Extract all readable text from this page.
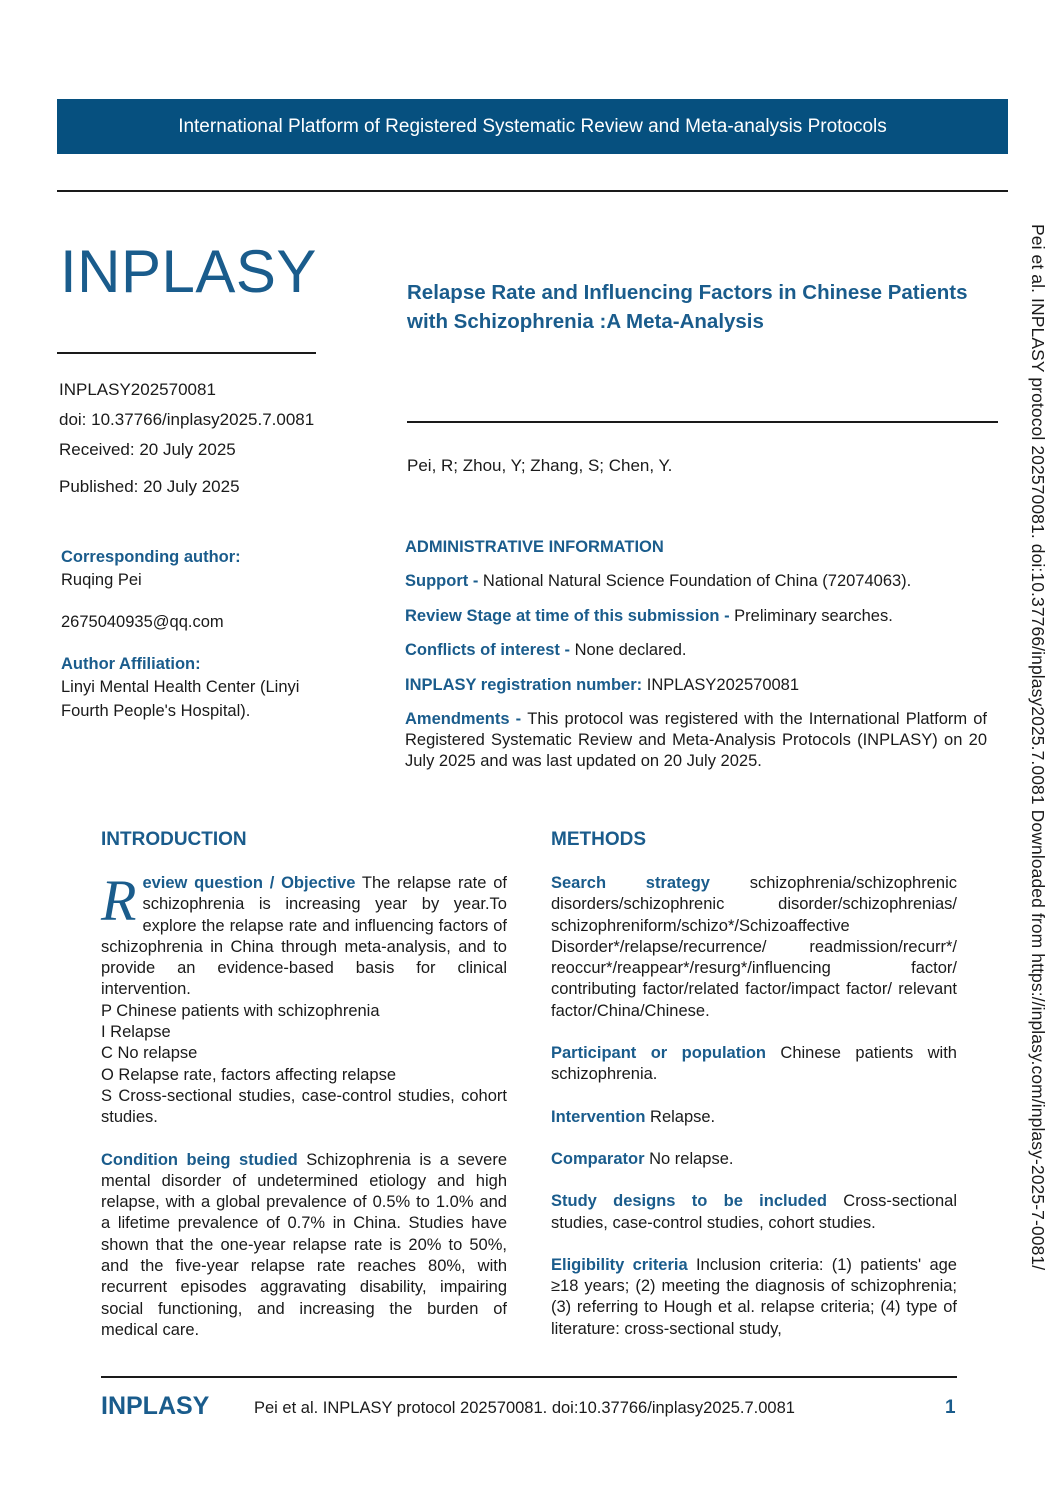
International Platform of Registered Systematic Review and Meta-analysis Protocols
INPLASY	Relapse Rate and Influencing Factors in Chinese Patients with Schizophrenia :A Meta-Analysis
INPLASY202570081
doi: 10.37766/inplasy2025.7.0081
Received: 20 July 2025
Published: 20 July 2025
Pei, R; Zhou, Y; Zhang, S; Chen, Y.
Corresponding author:
Ruqing Pei
2675040935@qq.com
Author Affiliation:
Linyi Mental Health Center (Linyi
Fourth People's Hospital).
ADMINISTRATIVE INFORMATION
Support - National Natural Science Foundation of China (72074063).
Review Stage at time of this submission - Preliminary searches.
Conflicts of interest - None declared.
INPLASY registration number: INPLASY202570081
Amendments - This protocol was registered with the International Platform of Registered Systematic Review and Meta-Analysis Protocols (INPLASY) on 20 July 2025 and was last updated on 20 July 2025.
INTRODUCTION

Review question / Objective The relapse rate of schizophrenia is increasing year by year.To explore the relapse rate and influencing factors of schizophrenia in China through meta-analysis, and to provide an evidence-based basis for clinical intervention.

P Chinese patients with schizophrenia
I Relapse
C No relapse
O Relapse rate, factors affecting relapse

S Cross-sectional studies, case-control studies, cohort studies.

Condition being studied Schizophrenia is a severe mental disorder of undetermined etiology and high relapse, with a global prevalence of 0.5% to 1.0% and a lifetime prevalence of 0.7% in China. Studies have shown that the one-year relapse rate is 20% to 50%, and the five-year relapse rate reaches 80%, with recurrent episodes aggravating disability, impairing social functioning, and increasing the burden of medical care.

METHODS

Search strategy schizophrenia/schizophrenic disorders/schizophrenic disorder/schizophrenias/ schizophreniform/schizo*/Schizoaffective Disorder*/relapse/recurrence/ readmission/recurr*/ reoccur*/reappear*/resurg*/influencing factor/ contributing factor/related factor/impact factor/ relevant factor/China/Chinese.

Participant or population Chinese patients with schizophrenia.

Intervention Relapse.

Comparator No relapse.

Study designs to be included Cross-sectional studies, case-control studies, cohort studies.

Eligibility criteria Inclusion criteria: (1) patients' age ≥18 years; (2) meeting the diagnosis of schizophrenia; (3) referring to Hough et al. relapse criteria; (4) type of literature: cross-sectional study,

Pei et al. INPLASY protocol 202570081. doi:10.37766/inplasy2025.7.0081 Downloaded from https://inplasy.com/inplasy-2025-7-0081/
INPLASY	Pei et al. INPLASY protocol 202570081. doi:10.37766/inplasy2025.7.0081	1
